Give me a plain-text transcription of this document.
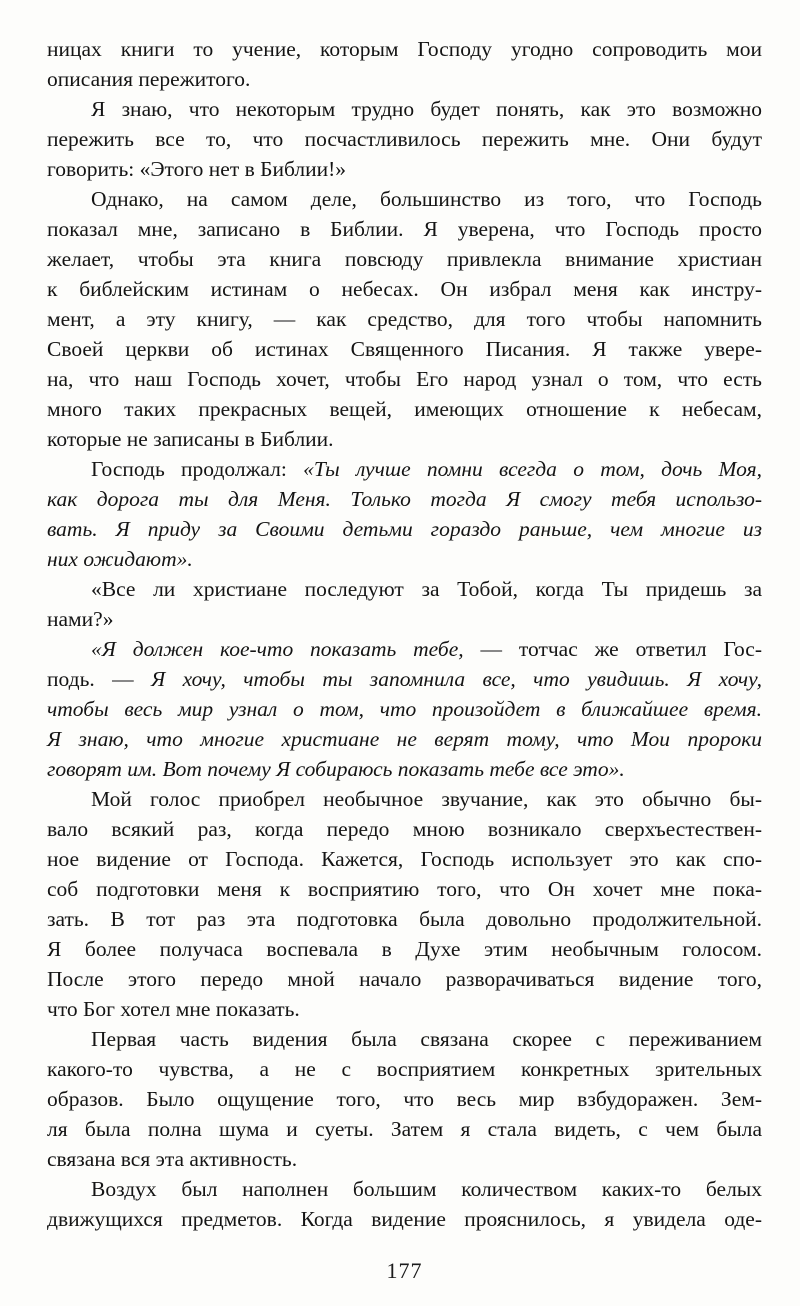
ницах книги то учение, которым Господу угодно сопроводить мои
описания пережитого.

Я знаю, что некоторым трудно будет понять, как это возможно
пережить все то, что посчастливилось пережить мне. Они будут
говорить: «Этого нет в Библии!»

Однако, на самом деле, большинство из того, что Господь
показал мне, записано в Библии. Я уверена, что Господь просто
желает, чтобы эта книга повсюду привлекла внимание христиан
к библейским истинам о небесах. Он избрал меня как инстру-
мент, а эту книгу, — как средство, для того чтобы напомнить
Своей церкви об истинах Священного Писания. Я также увере-
на, что наш Господь хочет, чтобы Его народ узнал о том, что есть
много таких прекрасных вещей, имеющих отношение к небесам,
которые не записаны в Библии.

Господь продолжал: «Ты лучше помни всегда о том, дочь Моя,
как дорога ты для Меня. Только тогда Я смогу тебя использо-
вать. Я приду за Своими детьми гораздо раньше, чем многие из
них ожидают».

«Все ли христиане последуют за Тобой, когда Ты придешь за
нами?»

«Я должен кое-что показать тебе, — тотчас же ответил Гос-
подь. — Я хочу, чтобы ты запомнила все, что увидишь. Я хочу,
чтобы весь мир узнал о том, что произойдет в ближайшее время.
Я знаю, что многие христиане не верят тому, что Мои пророки
говорят им. Вот почему Я собираюсь показать тебе все это».

Мой голос приобрел необычное звучание, как это обычно бы-
вало всякий раз, когда передо мною возникало сверхъестествен-
ное видение от Господа. Кажется, Господь использует это как спо-
соб подготовки меня к восприятию того, что Он хочет мне пока-
зать. В тот раз эта подготовка была довольно продолжительной.
Я более получаса воспевала в Духе этим необычным голосом.
После этого передо мной начало разворачиваться видение того,
что Бог хотел мне показать.

Первая часть видения была связана скорее с переживанием
какого-то чувства, а не с восприятием конкретных зрительных
образов. Было ощущение того, что весь мир взбудоражен. Зем-
ля была полна шума и суеты. Затем я стала видеть, с чем была
связана вся эта активность.

Воздух был наполнен большим количеством каких-то белых
движущихся предметов. Когда видение прояснилось, я увидела оде-

177
